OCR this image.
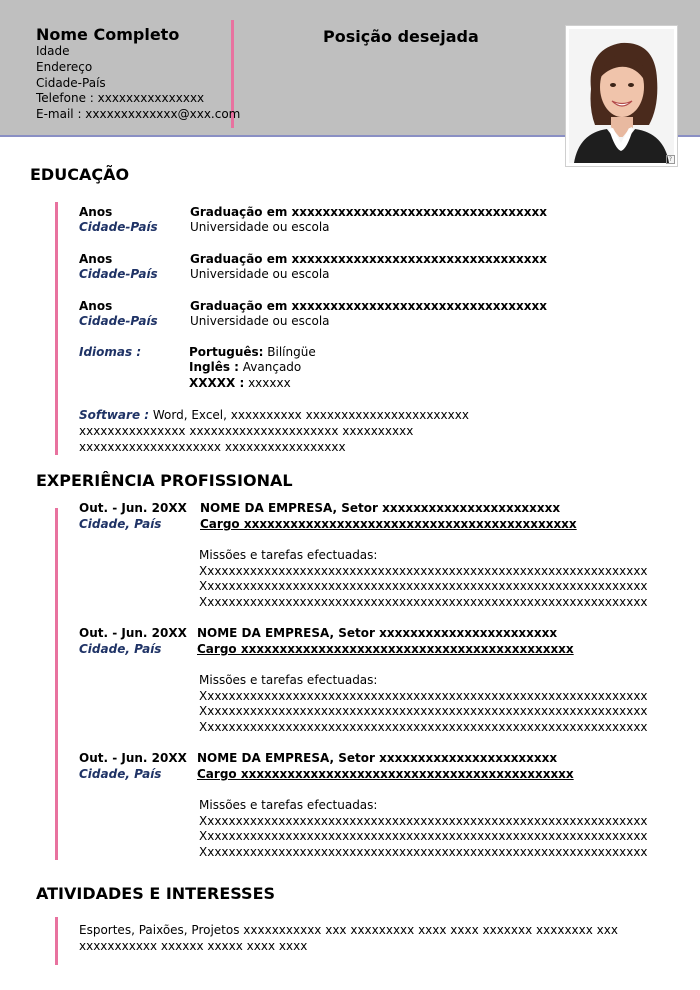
Nome Completo
Idade
Endereço
Cidade-País
Telefone : xxxxxxxxxxxxxxx
E-mail : xxxxxxxxxxxxx@xxx.com
Posição desejada
?
EDUCAÇÃO
Anos
Cidade-País
Graduação em xxxxxxxxxxxxxxxxxxxxxxxxxxxxxxxxx
Universidade ou escola
Anos
Cidade-País
Graduação em xxxxxxxxxxxxxxxxxxxxxxxxxxxxxxxxx
Universidade ou escola
Anos
Cidade-País
Graduação em xxxxxxxxxxxxxxxxxxxxxxxxxxxxxxxxx
Universidade ou escola
Idiomas :	Português: Bilíngüe
Inglês : Avançado
XXXXX : xxxxxx
Software : Word, Excel, xxxxxxxxxx xxxxxxxxxxxxxxxxxxxxxxx xxxxxxxxxxxxxxx xxxxxxxxxxxxxxxxxxxxx xxxxxxxxxx xxxxxxxxxxxxxxxxxxxx xxxxxxxxxxxxxxxxx
EXPERIÊNCIA PROFISSIONAL
Out. - Jun. 20XX
Cidade, País
NOME DA EMPRESA, Setor xxxxxxxxxxxxxxxxxxxxxxx
Cargo xxxxxxxxxxxxxxxxxxxxxxxxxxxxxxxxxxxxxxxxxxx
Missões e tarefas efectuadas:
Xxxxxxxxxxxxxxxxxxxxxxxxxxxxxxxxxxxxxxxxxxxxxxxxxxxxxxxxxxxxxxx
Xxxxxxxxxxxxxxxxxxxxxxxxxxxxxxxxxxxxxxxxxxxxxxxxxxxxxxxxxxxxxxx
Xxxxxxxxxxxxxxxxxxxxxxxxxxxxxxxxxxxxxxxxxxxxxxxxxxxxxxxxxxxxxxx
Out. - Jun. 20XX
Cidade, País
NOME DA EMPRESA, Setor xxxxxxxxxxxxxxxxxxxxxxx
Cargo xxxxxxxxxxxxxxxxxxxxxxxxxxxxxxxxxxxxxxxxxxx
Missões e tarefas efectuadas:
Xxxxxxxxxxxxxxxxxxxxxxxxxxxxxxxxxxxxxxxxxxxxxxxxxxxxxxxxxxxxxxx
Xxxxxxxxxxxxxxxxxxxxxxxxxxxxxxxxxxxxxxxxxxxxxxxxxxxxxxxxxxxxxxx
Xxxxxxxxxxxxxxxxxxxxxxxxxxxxxxxxxxxxxxxxxxxxxxxxxxxxxxxxxxxxxxx
Out. - Jun. 20XX
Cidade, País
NOME DA EMPRESA, Setor xxxxxxxxxxxxxxxxxxxxxxx
Cargo xxxxxxxxxxxxxxxxxxxxxxxxxxxxxxxxxxxxxxxxxxx
Missões e tarefas efectuadas:
Xxxxxxxxxxxxxxxxxxxxxxxxxxxxxxxxxxxxxxxxxxxxxxxxxxxxxxxxxxxxxxx
Xxxxxxxxxxxxxxxxxxxxxxxxxxxxxxxxxxxxxxxxxxxxxxxxxxxxxxxxxxxxxxx
Xxxxxxxxxxxxxxxxxxxxxxxxxxxxxxxxxxxxxxxxxxxxxxxxxxxxxxxxxxxxxxx
ATIVIDADES E INTERESSES
Esportes, Paixões, Projetos xxxxxxxxxxx xxx xxxxxxxxx xxxx xxxx xxxxxxx xxxxxxxx xxx xxxxxxxxxxx xxxxxx xxxxx xxxx xxxx
